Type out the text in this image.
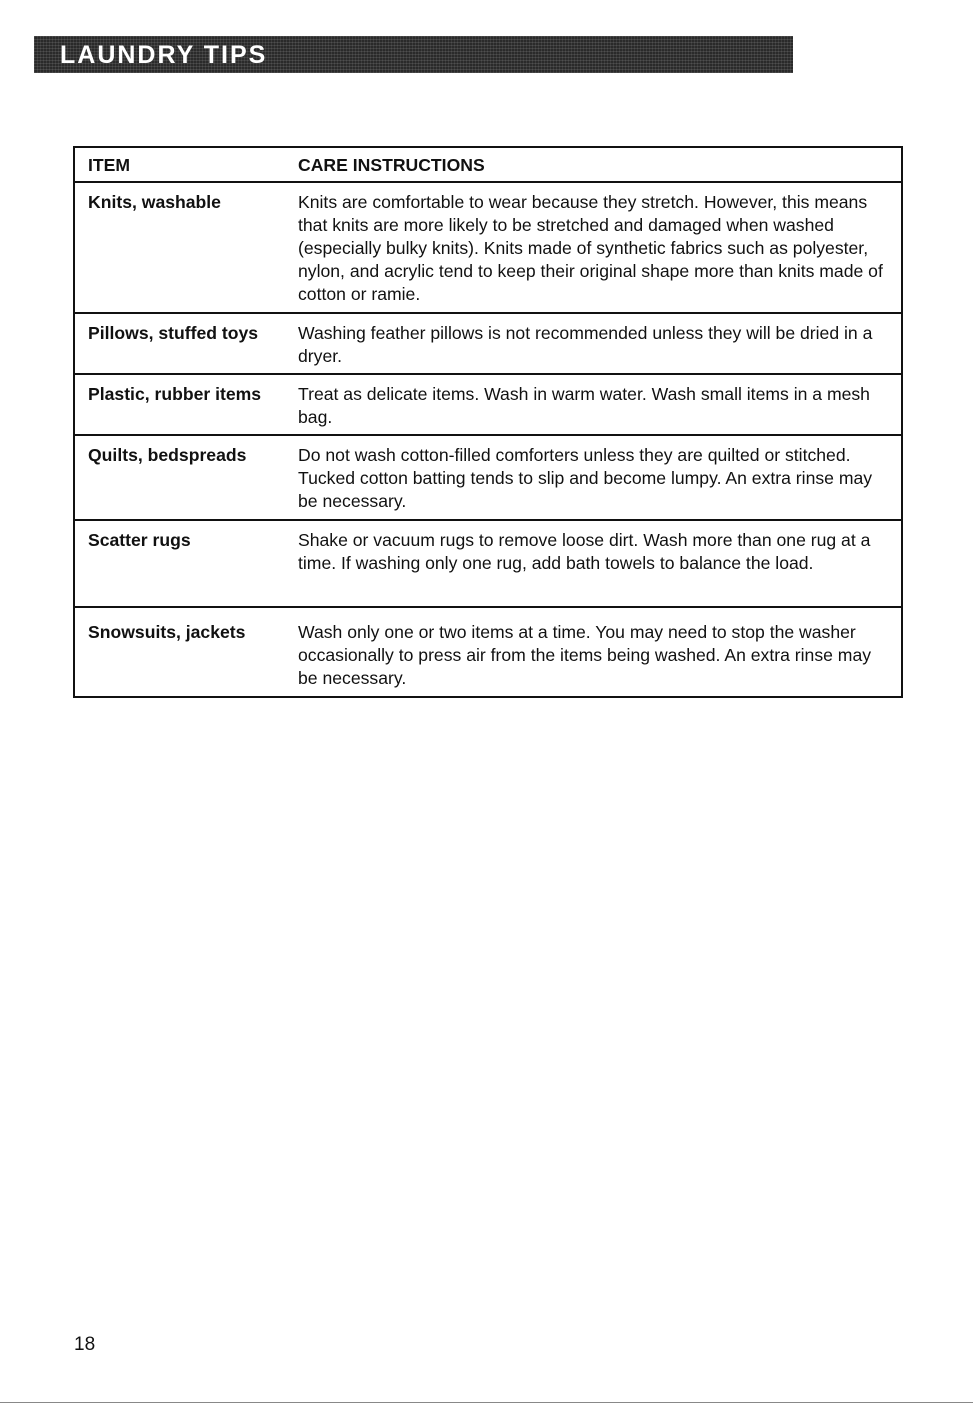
LAUNDRY TIPS
ITEM	CARE INSTRUCTIONS
Knits, washable	Knits are comfortable to wear because they stretch. However, this means that knits are more likely to be stretched and damaged when washed (especially bulky knits). Knits made of synthetic fabrics such as polyester, nylon, and acrylic tend to keep their original shape more than knits made of cotton or ramie.
Pillows, stuffed toys	Washing feather pillows is not recommended unless they will be dried in a dryer.
Plastic, rubber items	Treat as delicate items. Wash in warm water. Wash small items in a mesh bag.
Quilts, bedspreads	Do not wash cotton-filled comforters unless they are quilted or stitched. Tucked cotton batting tends to slip and become lumpy. An extra rinse may be necessary.
Scatter rugs	Shake or vacuum rugs to remove loose dirt. Wash more than one rug at a time. If washing only one rug, add bath towels to balance the load.
Snowsuits, jackets	Wash only one or two items at a time. You may need to stop the washer occasionally to press air from the items being washed. An extra rinse may be necessary.
18
